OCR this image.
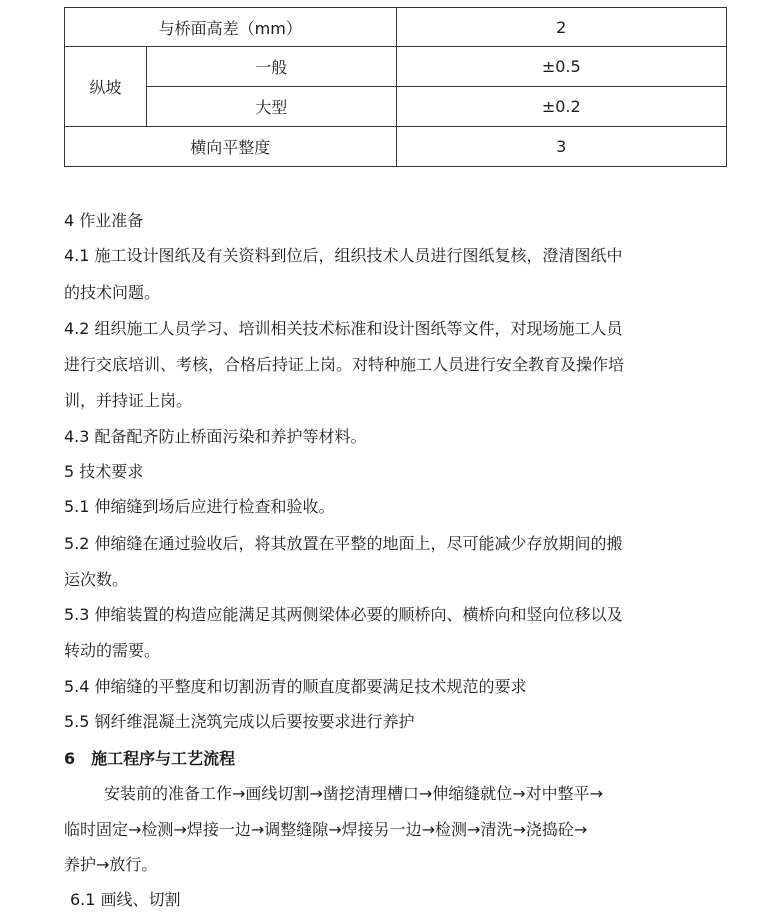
与桥面高差（mm）		2
纵坡	一般	±0.5
	大型	±0.2
横向平整度		3
4 作业准备
4.1 施工设计图纸及有关资料到位后，组织技术人员进行图纸复核，澄清图纸中
的技术问题。
4.2 组织施工人员学习、培训相关技术标准和设计图纸等文件，对现场施工人员
进行交底培训、考核，合格后持证上岗。对特种施工人员进行安全教育及操作培
训，并持证上岗。
4.3 配备配齐防止桥面污染和养护等材料。
5 技术要求
5.1 伸缩缝到场后应进行检查和验收。
5.2 伸缩缝在通过验收后，将其放置在平整的地面上，尽可能减少存放期间的搬
运次数。
5.3 伸缩装置的构造应能满足其两侧梁体必要的顺桥向、横桥向和竖向位移以及
转动的需要。
5.4 伸缩缝的平整度和切割沥青的顺直度都要满足技术规范的要求
5.5 钢纤维混凝土浇筑完成以后要按要求进行养护
6　施工程序与工艺流程
安装前的准备工作→画线切割→凿挖清理槽口→伸缩缝就位→对中整平→
临时固定→检测→焊接一边→调整缝隙→焊接另一边→检测→清洗→浇捣砼→
养护→放行。
6.1 画线、切割
